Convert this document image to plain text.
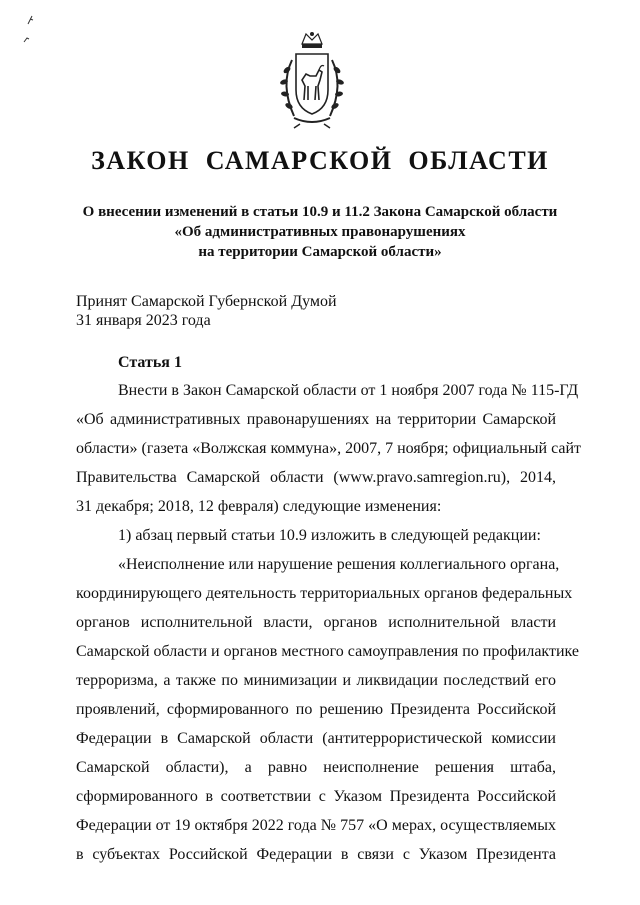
ЗАКОН  САМАРСКОЙ  ОБЛАСТИ
О внесении изменений в статьи 10.9 и 11.2 Закона Самарской области
«Об административных правонарушениях
на территории Самарской области»
Принят Самарской Губернской Думой
31 января 2023 года
Статья 1
Внести в Закон Самарской области от 1 ноября 2007 года № 115-ГД
«Об административных правонарушениях на территории Самарской
области» (газета «Волжская коммуна», 2007, 7 ноября; официальный сайт
Правительства Самарской области (www.pravo.samregion.ru), 2014,
31 декабря; 2018, 12 февраля) следующие изменения:
1) абзац первый статьи 10.9 изложить в следующей редакции:
«Неисполнение или нарушение решения коллегиального органа,
координирующего деятельность территориальных органов федеральных
органов исполнительной власти, органов исполнительной власти
Самарской области и органов местного самоуправления по профилактике
терроризма, а также по минимизации и ликвидации последствий его
проявлений, сформированного по решению Президента Российской
Федерации в Самарской области (антитеррористической комиссии
Самарской области), а равно неисполнение решения штаба,
сформированного в соответствии с Указом Президента Российской
Федерации от 19 октября 2022 года № 757 «О мерах, осуществляемых
в субъектах Российской Федерации в связи с Указом Президента
